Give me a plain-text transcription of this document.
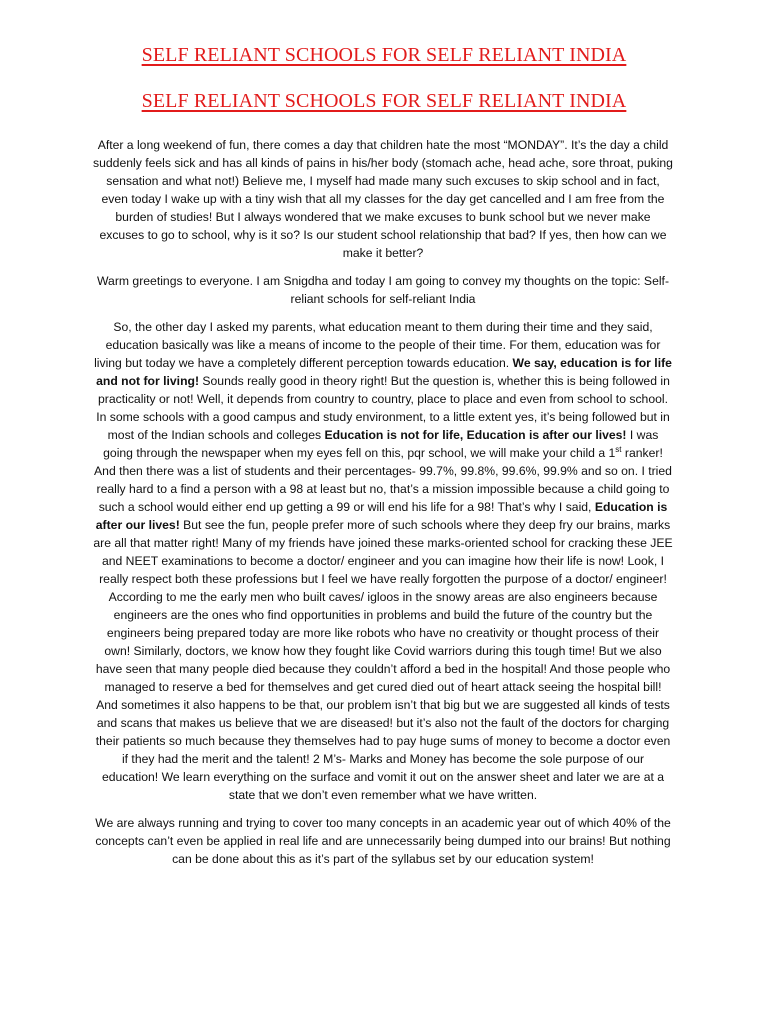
SELF RELIANT SCHOOLS FOR SELF RELIANT INDIA
SELF RELIANT SCHOOLS FOR SELF RELIANT INDIA

After a long weekend of fun, there comes a day that children hate the most “MONDAY”. It’s the day a child suddenly feels sick and has all kinds of pains in his/her body (stomach ache, head ache, sore throat, puking sensation and what not!) Believe me, I myself had made many such excuses to skip school and in fact, even today I wake up with a tiny wish that all my classes for the day get cancelled and I am free from the burden of studies! But I always wondered that we make excuses to bunk school but we never make excuses to go to school, why is it so? Is our student school relationship that bad? If yes, then how can we make it better?

Warm greetings to everyone. I am Snigdha and today I am going to convey my thoughts on the topic: Self-reliant schools for self-reliant India

So, the other day I asked my parents, what education meant to them during their time and they said, education basically was like a means of income to the people of their time. For them, education was for living but today we have a completely different perception towards education. We say, education is for life and not for living! Sounds really good in theory right! But the question is, whether this is being followed in practicality or not! Well, it depends from country to country, place to place and even from school to school. In some schools with a good campus and study environment, to a little extent yes, it’s being followed but in most of the Indian schools and colleges Education is not for life, Education is after our lives! I was going through the newspaper when my eyes fell on this, pqr school, we will make your child a 1st ranker! And then there was a list of students and their percentages- 99.7%, 99.8%, 99.6%, 99.9% and so on. I tried really hard to a find a person with a 98 at least but no, that’s a mission impossible because a child going to such a school would either end up getting a 99 or will end his life for a 98! That’s why I said, Education is after our lives! But see the fun, people prefer more of such schools where they deep fry our brains, marks are all that matter right! Many of my friends have joined these marks-oriented school for cracking these JEE and NEET examinations to become a doctor/ engineer and you can imagine how their life is now! Look, I really respect both these professions but I feel we have really forgotten the purpose of a doctor/ engineer! According to me the early men who built caves/ igloos in the snowy areas are also engineers because engineers are the ones who find opportunities in problems and build the future of the country but the engineers being prepared today are more like robots who have no creativity or thought process of their own! Similarly, doctors, we know how they fought like Covid warriors during this tough time! But we also have seen that many people died because they couldn’t afford a bed in the hospital! And those people who managed to reserve a bed for themselves and get cured died out of heart attack seeing the hospital bill! And sometimes it also happens to be that, our problem isn’t that big but we are suggested all kinds of tests and scans that makes us believe that we are diseased! but it’s also not the fault of the doctors for charging their patients so much because they themselves had to pay huge sums of money to become a doctor even if they had the merit and the talent! 2 M’s- Marks and Money has become the sole purpose of our education! We learn everything on the surface and vomit it out on the answer sheet and later we are at a state that we don’t even remember what we have written.

We are always running and trying to cover too many concepts in an academic year out of which 40% of the concepts can’t even be applied in real life and are unnecessarily being dumped into our brains! But nothing can be done about this as it’s part of the syllabus set by our education system!
